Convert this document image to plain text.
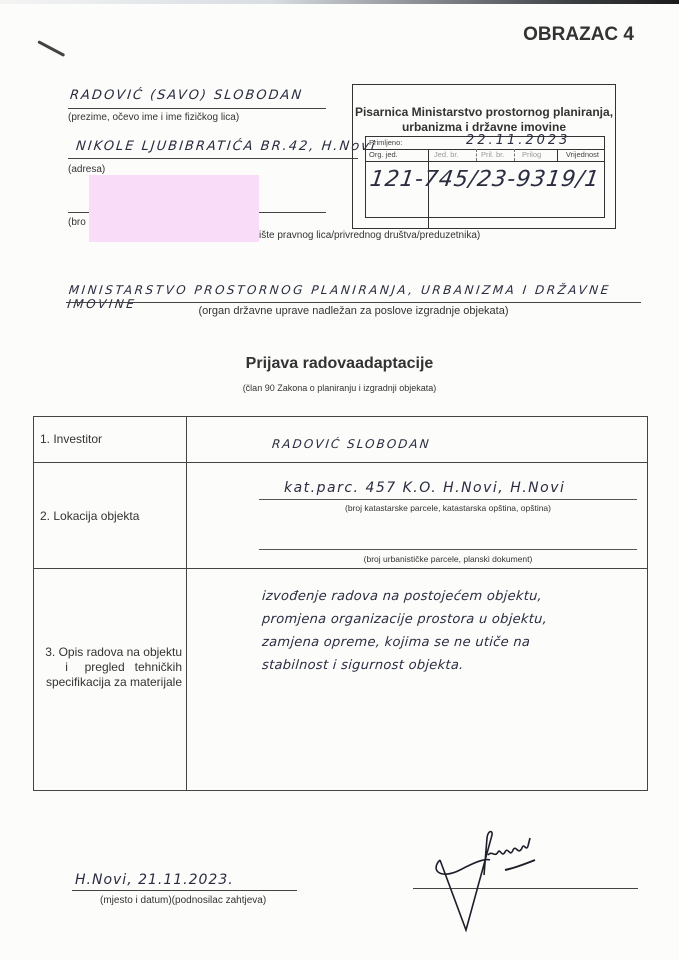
OBRAZAC 4
RADOVIĆ (SAVO) SLOBODAN
(prezime, očevo ime i ime fizičkog lica)
NIKOLE LJUBIBRATIĆA BR.42, H.Novi
(adresa)
(bro
ište pravnog lica/privrednog društva/preduzetnika)
Pisarnica Ministarstvo prostornog planiranja,
urbanizma i državne imovine
Primljeno:	22.11.2023
Org. jed.	Jed. br.	Pril. br. Prilog	Vrijednost
121-745/23-9319/1
MINISTARSTVO PROSTORNOG PLANIRANJA, URBANIZMA I DRŽAVNE IMOVINE	(organ državne uprave nadležan za poslove izgradnje objekata)
Prijava radovaadaptacije
(član 90 Zakona o planiranju i izgradnji objekata)
1. Investitor	RADOVIĆ SLOBODAN
2. Lokacija objekta
kat.parc. 457 K.O. H.Novi, H.Novi
(broj katastarske parcele, katastarska opština, opština)
(broj urbanističke parcele, planski dokument)
3. Opis radova na objektu
i     pregled   tehničkih
specifikacija za materijale
izvođenje radova na postojećem objektu,
promjena organizacije prostora u objektu,
zamjena opreme, kojima se ne utiče na
stabilnost i sigurnost objekta.
H.Novi, 21.11.2023.
(mjesto i datum)(podnosilac zahtjeva)
